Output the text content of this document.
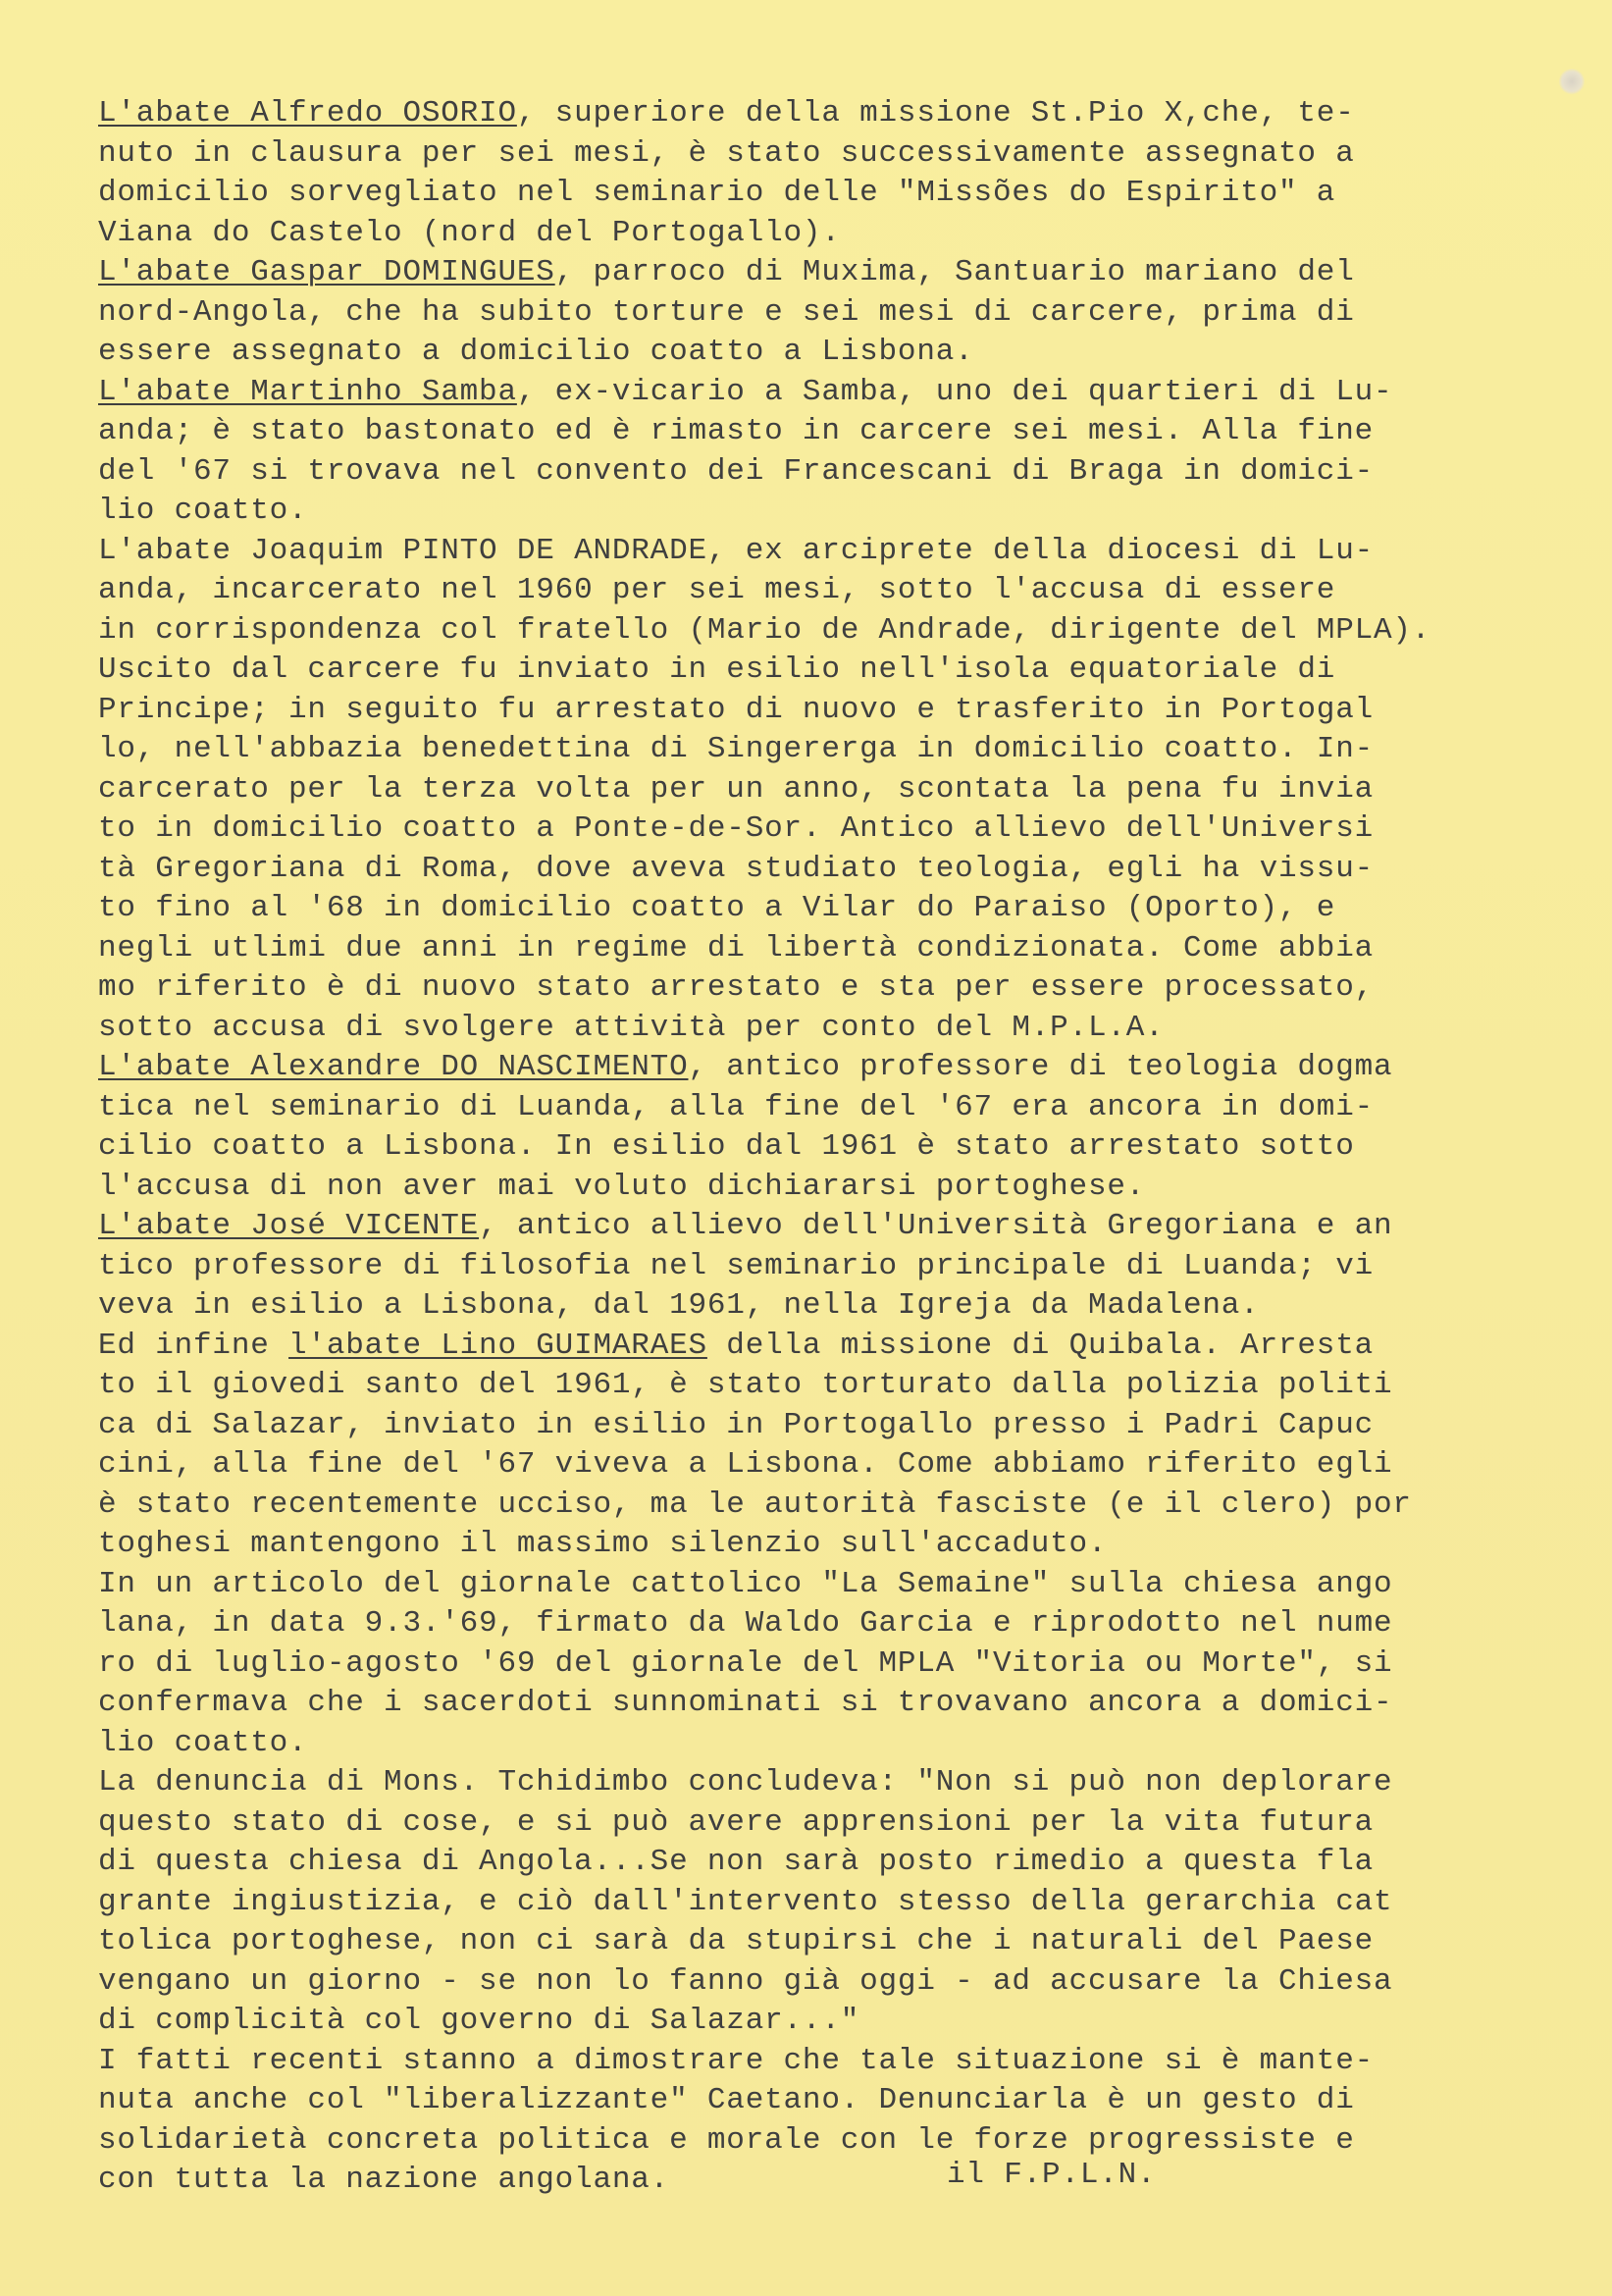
L'abate Alfredo OSORIO, superiore della missione St.Pio X,che, te-
nuto in clausura per sei mesi, è stato successivamente assegnato a
domicilio sorvegliato nel seminario delle "Missões do Espirito" a
Viana do Castelo (nord del Portogallo).
L'abate Gaspar DOMINGUES, parroco di Muxima, Santuario mariano del
nord-Angola, che ha subito torture e sei mesi di carcere, prima di
essere assegnato a domicilio coatto a Lisbona.
L'abate Martinho Samba, ex-vicario a Samba, uno dei quartieri di Lu-
anda; è stato bastonato ed è rimasto in carcere sei mesi. Alla fine
del '67 si trovava nel convento dei Francescani di Braga in domici-
lio coatto.
L'abate Joaquim PINTO DE ANDRADE, ex arciprete della diocesi di Lu-
anda, incarcerato nel 1960 per sei mesi, sotto l'accusa di essere
in corrispondenza col fratello (Mario de Andrade, dirigente del MPLA).
Uscito dal carcere fu inviato in esilio nell'isola equatoriale di
Principe; in seguito fu arrestato di nuovo e trasferito in Portogal
lo, nell'abbazia benedettina di Singererga in domicilio coatto. In-
carcerato per la terza volta per un anno, scontata la pena fu invia
to in domicilio coatto a Ponte-de-Sor. Antico allievo dell'Universi
tà Gregoriana di Roma, dove aveva studiato teologia, egli ha vissu-
to fino al '68 in domicilio coatto a Vilar do Paraiso (Oporto), e
negli utlimi due anni in regime di libertà condizionata. Come abbia
mo riferito è di nuovo stato arrestato e sta per essere processato,
sotto accusa di svolgere attività per conto del M.P.L.A.
L'abate Alexandre DO NASCIMENTO, antico professore di teologia dogma
tica nel seminario di Luanda, alla fine del '67 era ancora in domi-
cilio coatto a Lisbona. In esilio dal 1961 è stato arrestato sotto
l'accusa di non aver mai voluto dichiararsi portoghese.
L'abate José VICENTE, antico allievo dell'Università Gregoriana e an
tico professore di filosofia nel seminario principale di Luanda; vi
veva in esilio a Lisbona, dal 1961, nella Igreja da Madalena.
Ed infine l'abate Lino GUIMARAES della missione di Quibala. Arresta
to il giovedi santo del 1961, è stato torturato dalla polizia politi
ca di Salazar, inviato in esilio in Portogallo presso i Padri Capuc
cini, alla fine del '67 viveva a Lisbona. Come abbiamo riferito egli
è stato recentemente ucciso, ma le autorità fasciste (e il clero) por
toghesi mantengono il massimo silenzio sull'accaduto.
In un articolo del giornale cattolico "La Semaine" sulla chiesa ango
lana, in data 9.3.'69, firmato da Waldo Garcia e riprodotto nel nume
ro di luglio-agosto '69 del giornale del MPLA "Vitoria ou Morte", si
confermava che i sacerdoti sunnominati si trovavano ancora a domici-
lio coatto.
La denuncia di Mons. Tchidimbo concludeva: "Non si può non deplorare
questo stato di cose, e si può avere apprensioni per la vita futura
di questa chiesa di Angola...Se non sarà posto rimedio a questa fla
grante ingiustizia, e ciò dall'intervento stesso della gerarchia cat
tolica portoghese, non ci sarà da stupirsi che i naturali del Paese
vengano un giorno - se non lo fanno già oggi - ad accusare la Chiesa
di complicità col governo di Salazar..."
I fatti recenti stanno a dimostrare che tale situazione si è mante-
nuta anche col "liberalizzante" Caetano. Denunciarla è un gesto di
solidarietà concreta politica e morale con le forze progressiste e
con tutta la nazione angolana.	il F.P.L.N.
